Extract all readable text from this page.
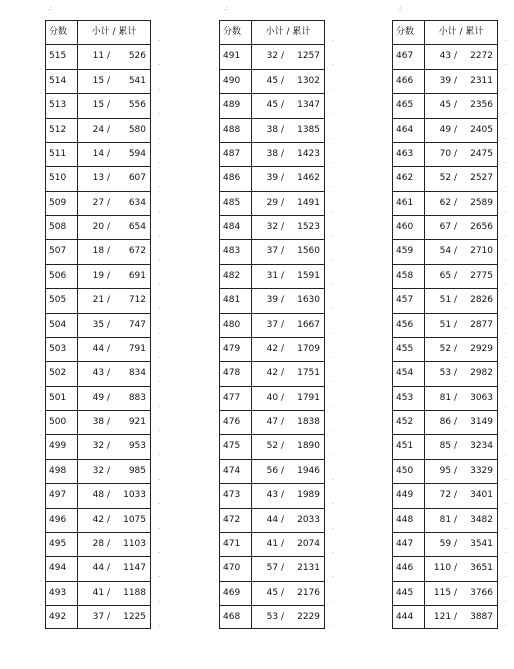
.:	.:	.:
分数	小计 / 累计
.
515	11 /	526
.
514	15 /	541
.
513	15 /	556
.
512	24 /	580
.
511	14 /	594
.
510	13 /	607
.
509	27 /	634
.
508	20 /	654
.
507	18 /	672
.
506	19 /	691
.
505	21 /	712
.
504	35 /	747
.
503	44 /	791
.
502	43 /	834
.
501	49 /	883
.
500	38 /	921
.
499	32 /	953
.
498	32 /	985
.
497	48 /	1033
.
496	42 /	1075
.
495	28 /	1103
.
494	44 /	1147
.
493	41 /	1188
.
492	37 /	1225
.
分数	小计 / 累计
.
491	32 /	1257
.
490	45 /	1302
.
489	45 /	1347
.
488	38 /	1385
.
487	38 /	1423
.
486	39 /	1462
.
485	29 /	1491
.
484	32 /	1523
.
483	37 /	1560
.
482	31 /	1591
.
481	39 /	1630
.
480	37 /	1667
.
479	42 /	1709
.
478	42 /	1751
.
477	40 /	1791
.
476	47 /	1838
.
475	52 /	1890
.
474	56 /	1946
.
473	43 /	1989
.
472	44 /	2033
.
471	41 /	2074
.
470	57 /	2131
.
469	45 /	2176
.
468	53 /	2229
.
分数	小计 / 累计
.
467	43 /	2272
.
466	39 /	2311
.
465	45 /	2356
.
464	49 /	2405
.
463	70 /	2475
.
462	52 /	2527
.
461	62 /	2589
.
460	67 /	2656
.
459	54 /	2710
.
458	65 /	2775
.
457	51 /	2826
.
456	51 /	2877
.
455	52 /	2929
.
454	53 /	2982
.
453	81 /	3063
.
452	86 /	3149
.
451	85 /	3234
.
450	95 /	3329
.
449	72 /	3401
.
448	81 /	3482
.
447	59 /	3541
.
446	110 /	3651
.
445	115 /	3766
.
444	121 /	3887
.
